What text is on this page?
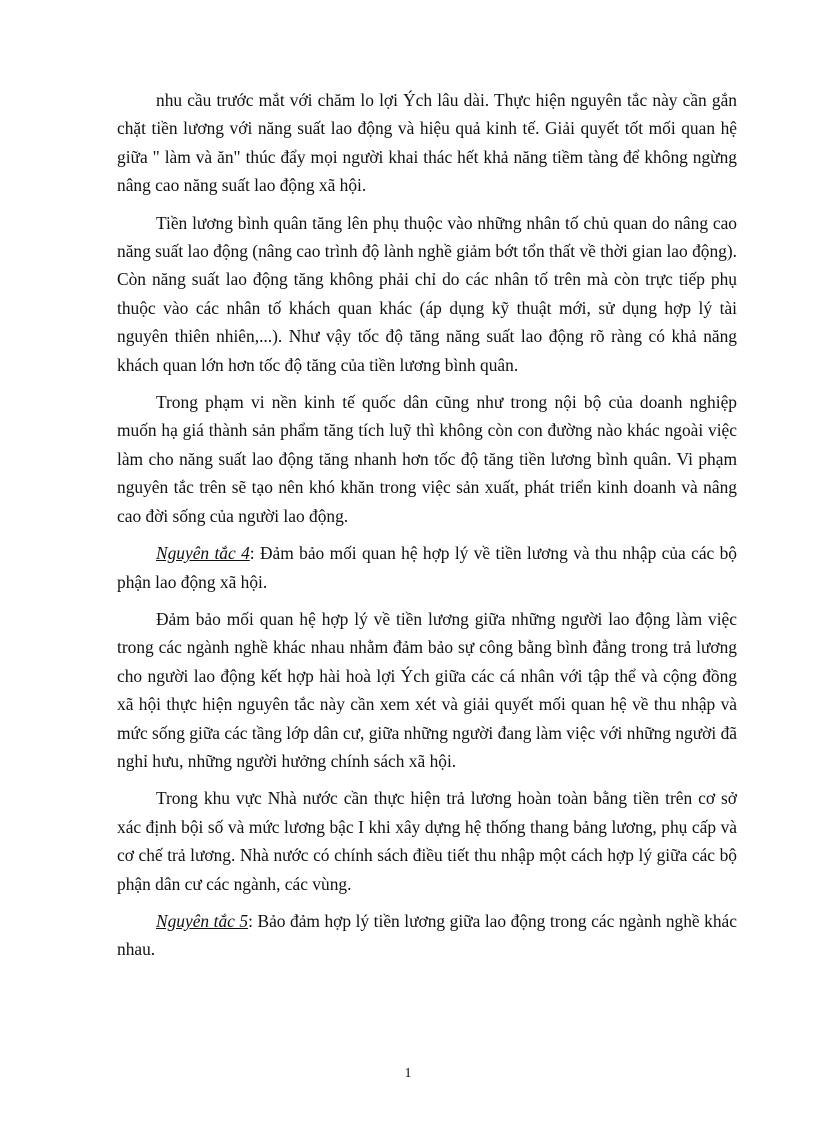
nhu cầu trước mắt với chăm lo lợi Ých lâu dài. Thực hiện nguyên tắc này cần gắn chặt tiền lương với năng suất lao động và hiệu quả kinh tế. Giải quyết tốt mối quan hệ giữa " làm và ăn" thúc đẩy mọi người khai thác hết khả năng tiềm tàng để không ngừng nâng cao năng suất lao động xã hội.

Tiền lương bình quân tăng lên phụ thuộc vào những nhân tố chủ quan do nâng cao năng suất lao động (nâng cao trình độ lành nghề giảm bớt tổn thất về thời gian lao động). Còn năng suất lao động tăng không phải chỉ do các nhân tố trên mà còn trực tiếp phụ thuộc vào các nhân tố khách quan khác (áp dụng kỹ thuật mới, sử dụng hợp lý tài nguyên thiên nhiên,...). Như vậy tốc độ tăng năng suất lao động rõ ràng có khả năng khách quan lớn hơn tốc độ tăng của tiền lương bình quân.

Trong phạm vi nền kinh tế quốc dân cũng như trong nội bộ của doanh nghiệp muốn hạ giá thành sản phẩm tăng tích luỹ thì không còn con đường nào khác ngoài việc làm cho năng suất lao động tăng nhanh hơn tốc độ tăng tiền lương bình quân. Vi phạm nguyên tắc trên sẽ tạo nên khó khăn trong việc sản xuất, phát triển kinh doanh và nâng cao đời sống của người lao động.

Nguyên tắc 4: Đảm bảo mối quan hệ hợp lý về tiền lương và thu nhập của các bộ phận lao động xã hội.

Đảm bảo mối quan hệ hợp lý về tiền lương giữa những người lao động làm việc trong các ngành nghề khác nhau nhằm đảm bảo sự công bằng bình đẳng trong trả lương cho người lao động kết hợp hài hoà lợi Ých giữa các cá nhân với tập thể và cộng đồng xã hội thực hiện nguyên tắc này cần xem xét và giải quyết mối quan hệ về thu nhập và mức sống giữa các tầng lớp dân cư, giữa những người đang làm việc với những người đã nghỉ hưu, những người hưởng chính sách xã hội.

Trong khu vực Nhà nước cần thực hiện trả lương hoàn toàn bằng tiền trên cơ sở xác định bội số và mức lương bậc I khi xây dựng hệ thống thang bảng lương, phụ cấp và cơ chế trả lương. Nhà nước có chính sách điều tiết thu nhập một cách hợp lý giữa các bộ phận dân cư các ngành, các vùng.

Nguyên tắc 5: Bảo đảm hợp lý tiền lương giữa lao động trong các ngành nghề khác nhau.

1
